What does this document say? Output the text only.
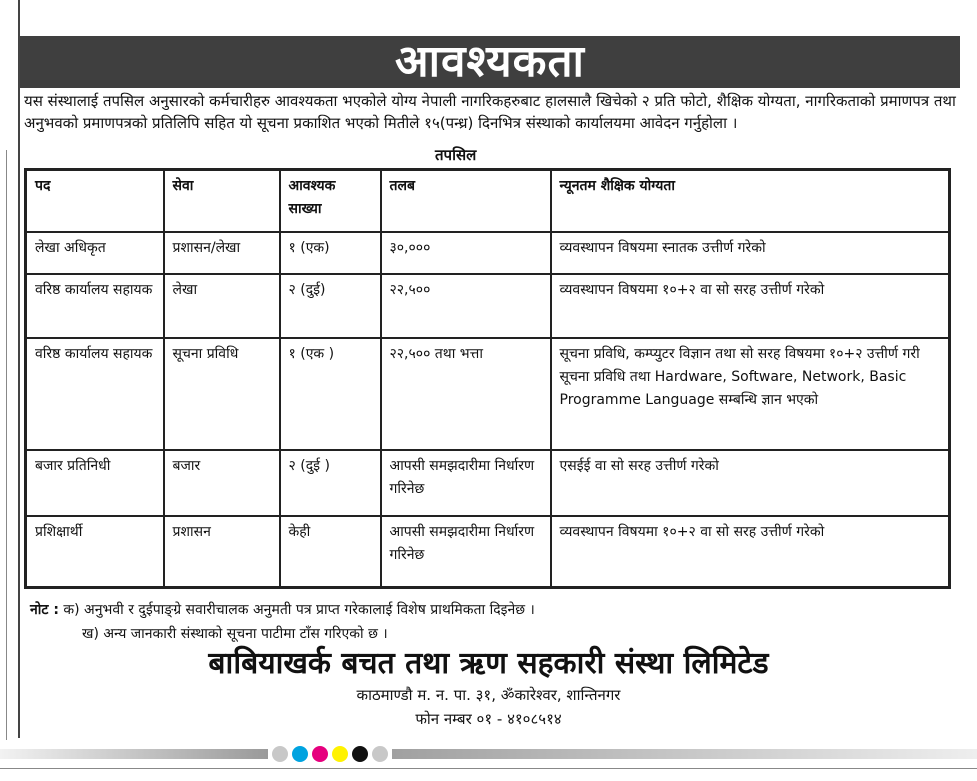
आवश्यकता

यस संस्थालाई तपसिल अनुसारको कर्मचारीहरु आवश्यकता भएकोले योग्य नेपाली नागरिकहरुबाट हालसालै खिचेको २ प्रति फोटो, शैक्षिक योग्यता, नागरिकताको प्रमाणपत्र तथा अनुभवको प्रमाणपत्रको प्रतिलिपि सहित यो सूचना प्रकाशित भएको मितीले १५(पन्ध्र) दिनभित्र संस्थाको कार्यालयमा आवेदन गर्नुहोला ।

तपसिल
पद	सेवा	आवश्यक साख्या	तलब	न्यूनतम शैक्षिक योग्यता
लेखा अधिकृत	प्रशासन/लेखा	१ (एक)	३०,०००	व्यवस्थापन विषयमा स्नातक उत्तीर्ण गरेको
वरिष्ठ कार्यालय सहायक	लेखा	२ (दुई)	२२,५००	व्यवस्थापन विषयमा १०+२ वा सो सरह उत्तीर्ण गरेको
वरिष्ठ कार्यालय सहायक	सूचना प्रविधि	१ (एक )	२२,५०० तथा भत्ता	सूचना प्रविधि, कम्प्युटर विज्ञान तथा सो सरह विषयमा १०+२ उत्तीर्ण गरी सूचना प्रविधि तथा Hardware, Software, Network, Basic Programme Language सम्बन्धि ज्ञान भएको
बजार प्रतिनिधी	बजार	२ (दुई )	आपसी समझदारीमा निर्धारण गरिनेछ	एसईई वा सो सरह उत्तीर्ण गरेको
प्रशिक्षार्थी	प्रशासन	केही	आपसी समझदारीमा निर्धारण गरिनेछ	व्यवस्थापन विषयमा १०+२ वा सो सरह उत्तीर्ण गरेको
नोट : क) अनुभवी र दुईपाङ्ग्रे सवारीचालक अनुमती पत्र प्राप्त गरेकालाई विशेष प्राथमिकता दिइनेछ ।
ख) अन्य जानकारी संस्थाको सूचना पाटीमा टाँस गरिएको छ ।
बाबियाखर्क बचत तथा ऋण सहकारी संस्था लिमिटेड
काठमाण्डौ म. न. पा. ३१, ॐकारेश्वर, शान्तिनगर
फोन नम्बर ०१ - ४१०८५१४
